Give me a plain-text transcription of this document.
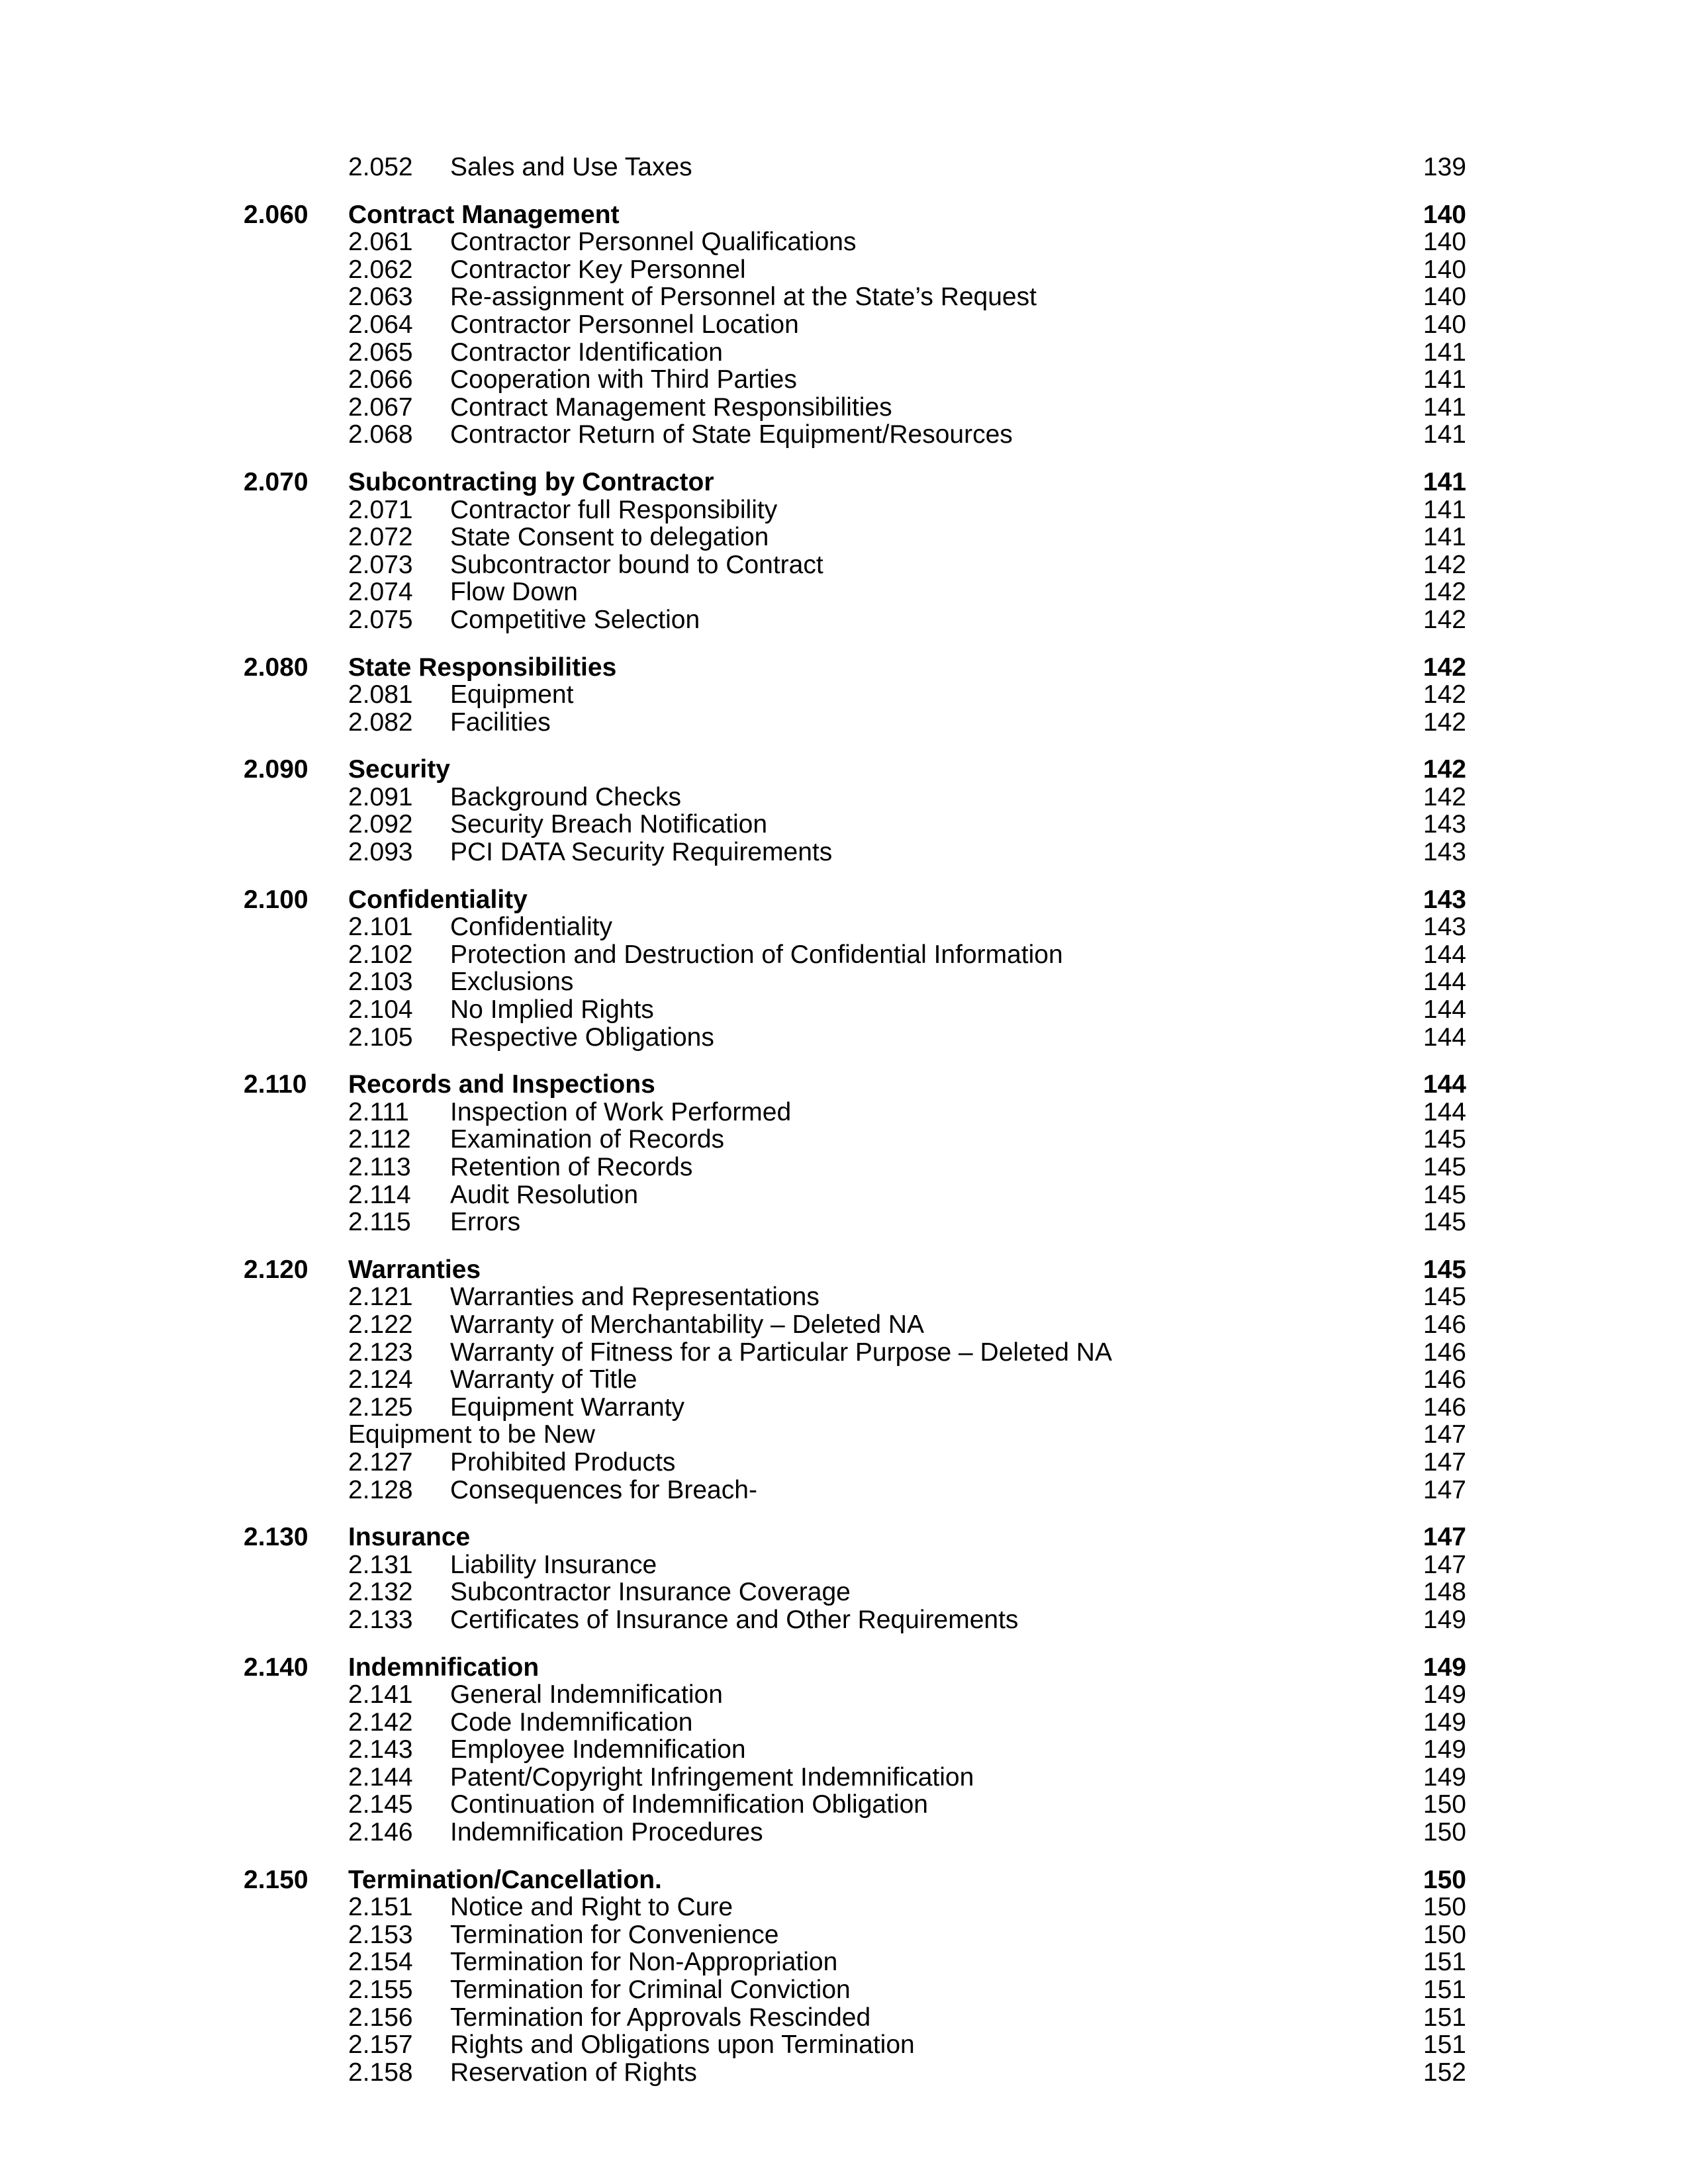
2.052 Sales and Use Taxes	139
2.060 Contract Management	140
2.061 Contractor Personnel Qualifications	140
2.062 Contractor Key Personnel	140
2.063 Re-assignment of Personnel at the State’s Request	140
2.064 Contractor Personnel Location	140
2.065 Contractor Identification	141
2.066 Cooperation with Third Parties	141
2.067 Contract Management Responsibilities	141
2.068 Contractor Return of State Equipment/Resources	141
2.070 Subcontracting by Contractor	141
2.071 Contractor full Responsibility	141
2.072 State Consent to delegation	141
2.073 Subcontractor bound to Contract	142
2.074 Flow Down	142
2.075 Competitive Selection	142
2.080 State Responsibilities	142
2.081 Equipment	142
2.082 Facilities	142
2.090 Security	142
2.091 Background Checks	142
2.092 Security Breach Notification	143
2.093 PCI DATA Security Requirements	143
2.100 Confidentiality	143
2.101 Confidentiality	143
2.102 Protection and Destruction of Confidential Information	144
2.103 Exclusions	144
2.104 No Implied Rights	144
2.105 Respective Obligations	144
2.110 Records and Inspections	144
2.111 Inspection of Work Performed	144
2.112 Examination of Records	145
2.113 Retention of Records	145
2.114 Audit Resolution	145
2.115 Errors	145
2.120 Warranties	145
2.121 Warranties and Representations	145
2.122 Warranty of Merchantability – Deleted NA	146
2.123 Warranty of Fitness for a Particular Purpose – Deleted NA	146
2.124 Warranty of Title	146
2.125 Equipment Warranty	146
Equipment to be New	147
2.127 Prohibited Products	147
2.128 Consequences for Breach-	147
2.130 Insurance	147
2.131 Liability Insurance	147
2.132 Subcontractor Insurance Coverage	148
2.133 Certificates of Insurance and Other Requirements	149
2.140 Indemnification	149
2.141 General Indemnification	149
2.142 Code Indemnification	149
2.143 Employee Indemnification	149
2.144 Patent/Copyright Infringement Indemnification	149
2.145 Continuation of Indemnification Obligation	150
2.146 Indemnification Procedures	150
2.150 Termination/Cancellation.	150
2.151 Notice and Right to Cure	150
2.153 Termination for Convenience	150
2.154 Termination for Non-Appropriation	151
2.155 Termination for Criminal Conviction	151
2.156 Termination for Approvals Rescinded	151
2.157 Rights and Obligations upon Termination	151
2.158 Reservation of Rights	152
